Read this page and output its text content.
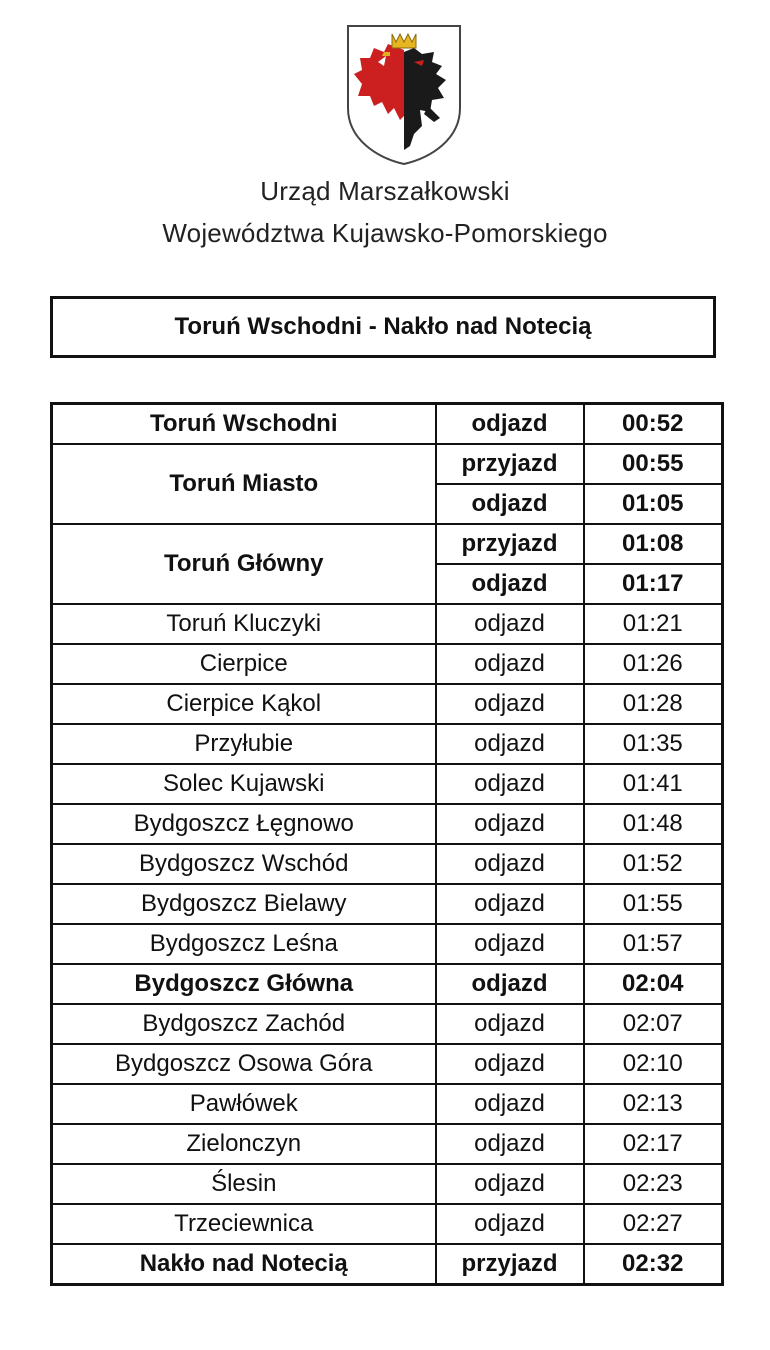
Urząd Marszałkowski
Województwa Kujawsko-Pomorskiego
Toruń Wschodni - Nakło nad Notecią
Toruń Wschodni	odjazd	00:52
Toruń Miasto	przyjazd	00:55
	odjazd	01:05
Toruń Główny	przyjazd	01:08
	odjazd	01:17
Toruń Kluczyki	odjazd	01:21
Cierpice	odjazd	01:26
Cierpice Kąkol	odjazd	01:28
Przyłubie	odjazd	01:35
Solec Kujawski	odjazd	01:41
Bydgoszcz Łęgnowo	odjazd	01:48
Bydgoszcz Wschód	odjazd	01:52
Bydgoszcz Bielawy	odjazd	01:55
Bydgoszcz Leśna	odjazd	01:57
Bydgoszcz Główna	odjazd	02:04
Bydgoszcz Zachód	odjazd	02:07
Bydgoszcz Osowa Góra	odjazd	02:10
Pawłówek	odjazd	02:13
Zielonczyn	odjazd	02:17
Ślesin	odjazd	02:23
Trzeciewnica	odjazd	02:27
Nakło nad Notecią	przyjazd	02:32
